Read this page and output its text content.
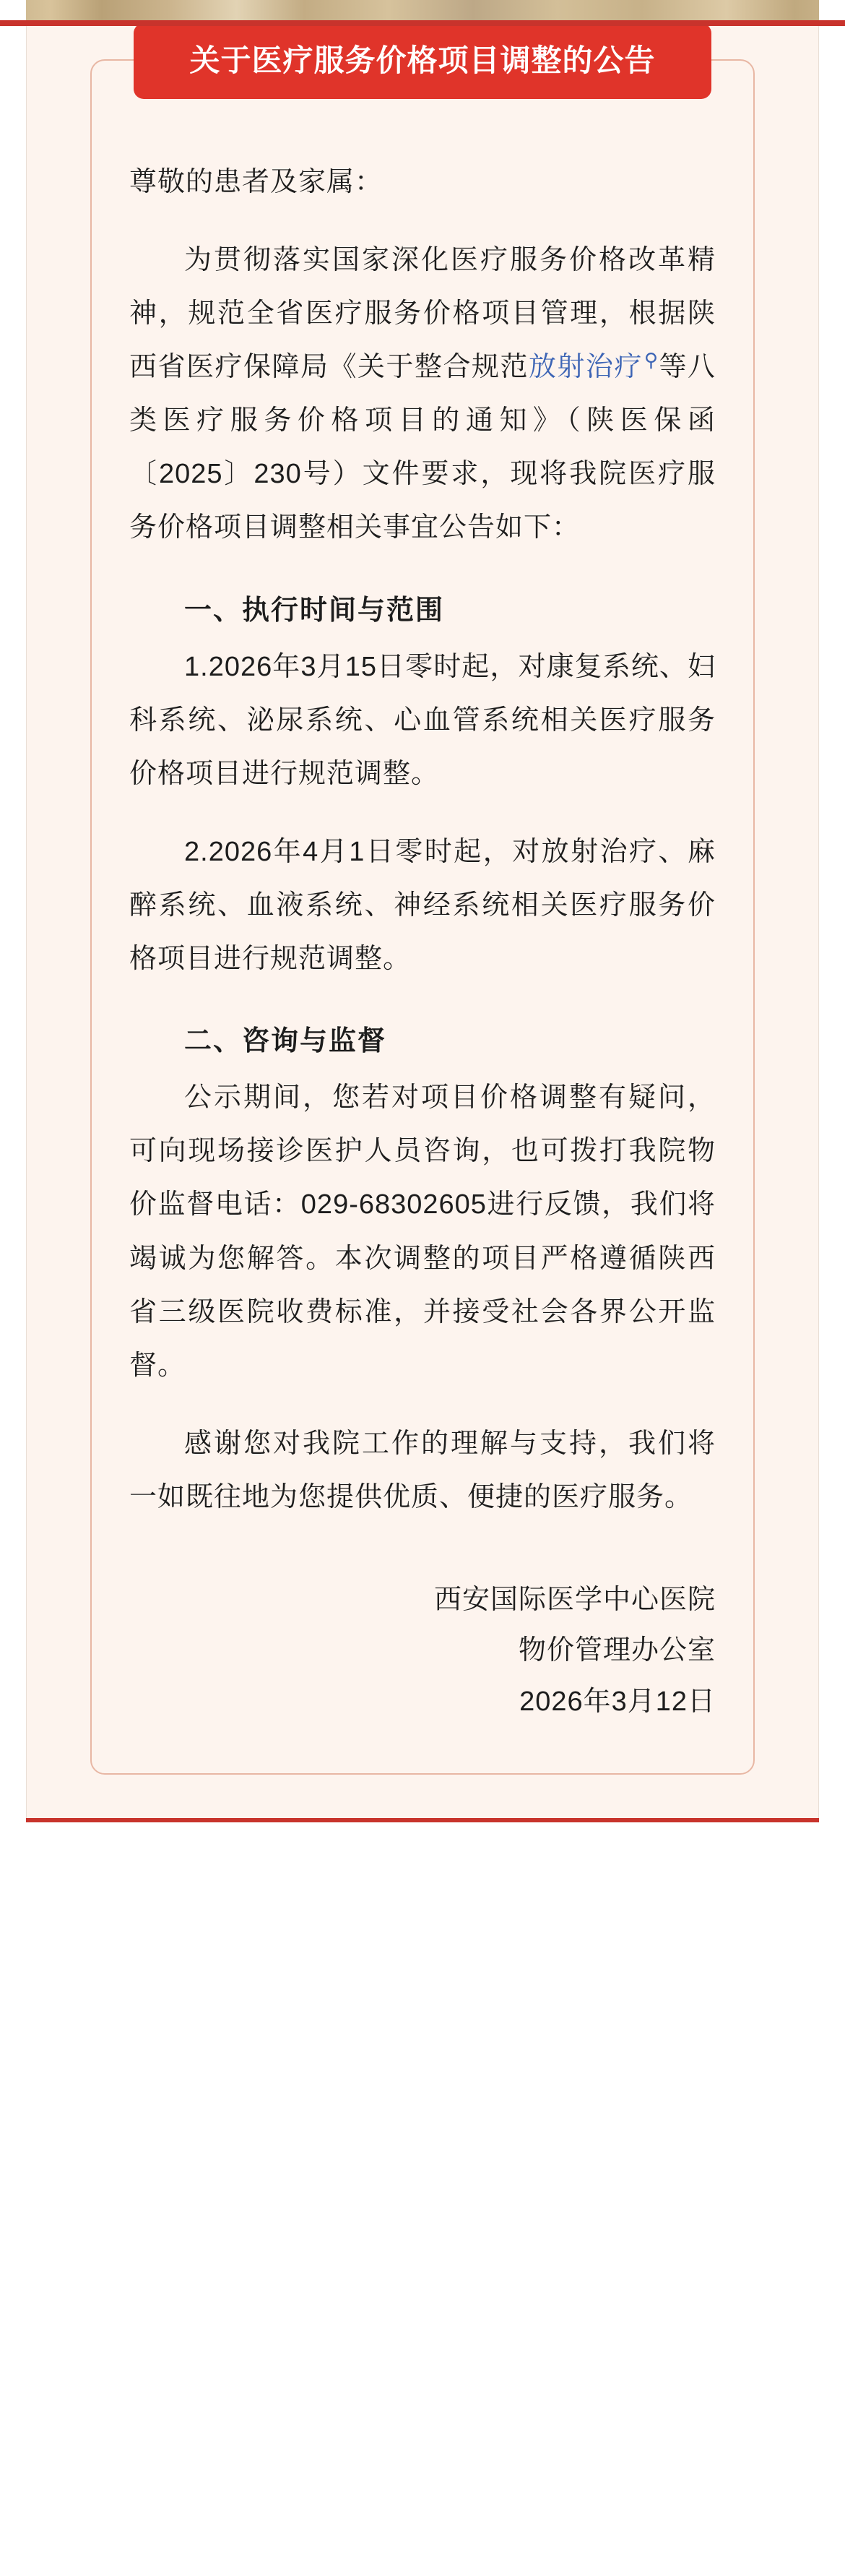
关于医疗服务价格项目调整的公告

尊敬的患者及家属：

为贯彻落实国家深化医疗服务价格改革精神，规范全省医疗服务价格项目管理，根据陕西省医疗保障局《关于整合规范放射治疗⚲等八类医疗服务价格项目的通知》（陕医保函〔2025〕230号）文件要求，现将我院医疗服务价格项目调整相关事宜公告如下：

一、执行时间与范围

1.2026年3月15日零时起，对康复系统、妇科系统、泌尿系统、心血管系统相关医疗服务价格项目进行规范调整。

2.2026年4月1日零时起，对放射治疗、麻醉系统、血液系统、神经系统相关医疗服务价格项目进行规范调整。

二、咨询与监督

公示期间，您若对项目价格调整有疑问，可向现场接诊医护人员咨询，也可拨打我院物价监督电话：029-68302605进行反馈，我们将竭诚为您解答。本次调整的项目严格遵循陕西省三级医院收费标准，并接受社会各界公开监督。

感谢您对我院工作的理解与支持，我们将一如既往地为您提供优质、便捷的医疗服务。

西安国际医学中心医院
物价管理办公室
2026年3月12日
